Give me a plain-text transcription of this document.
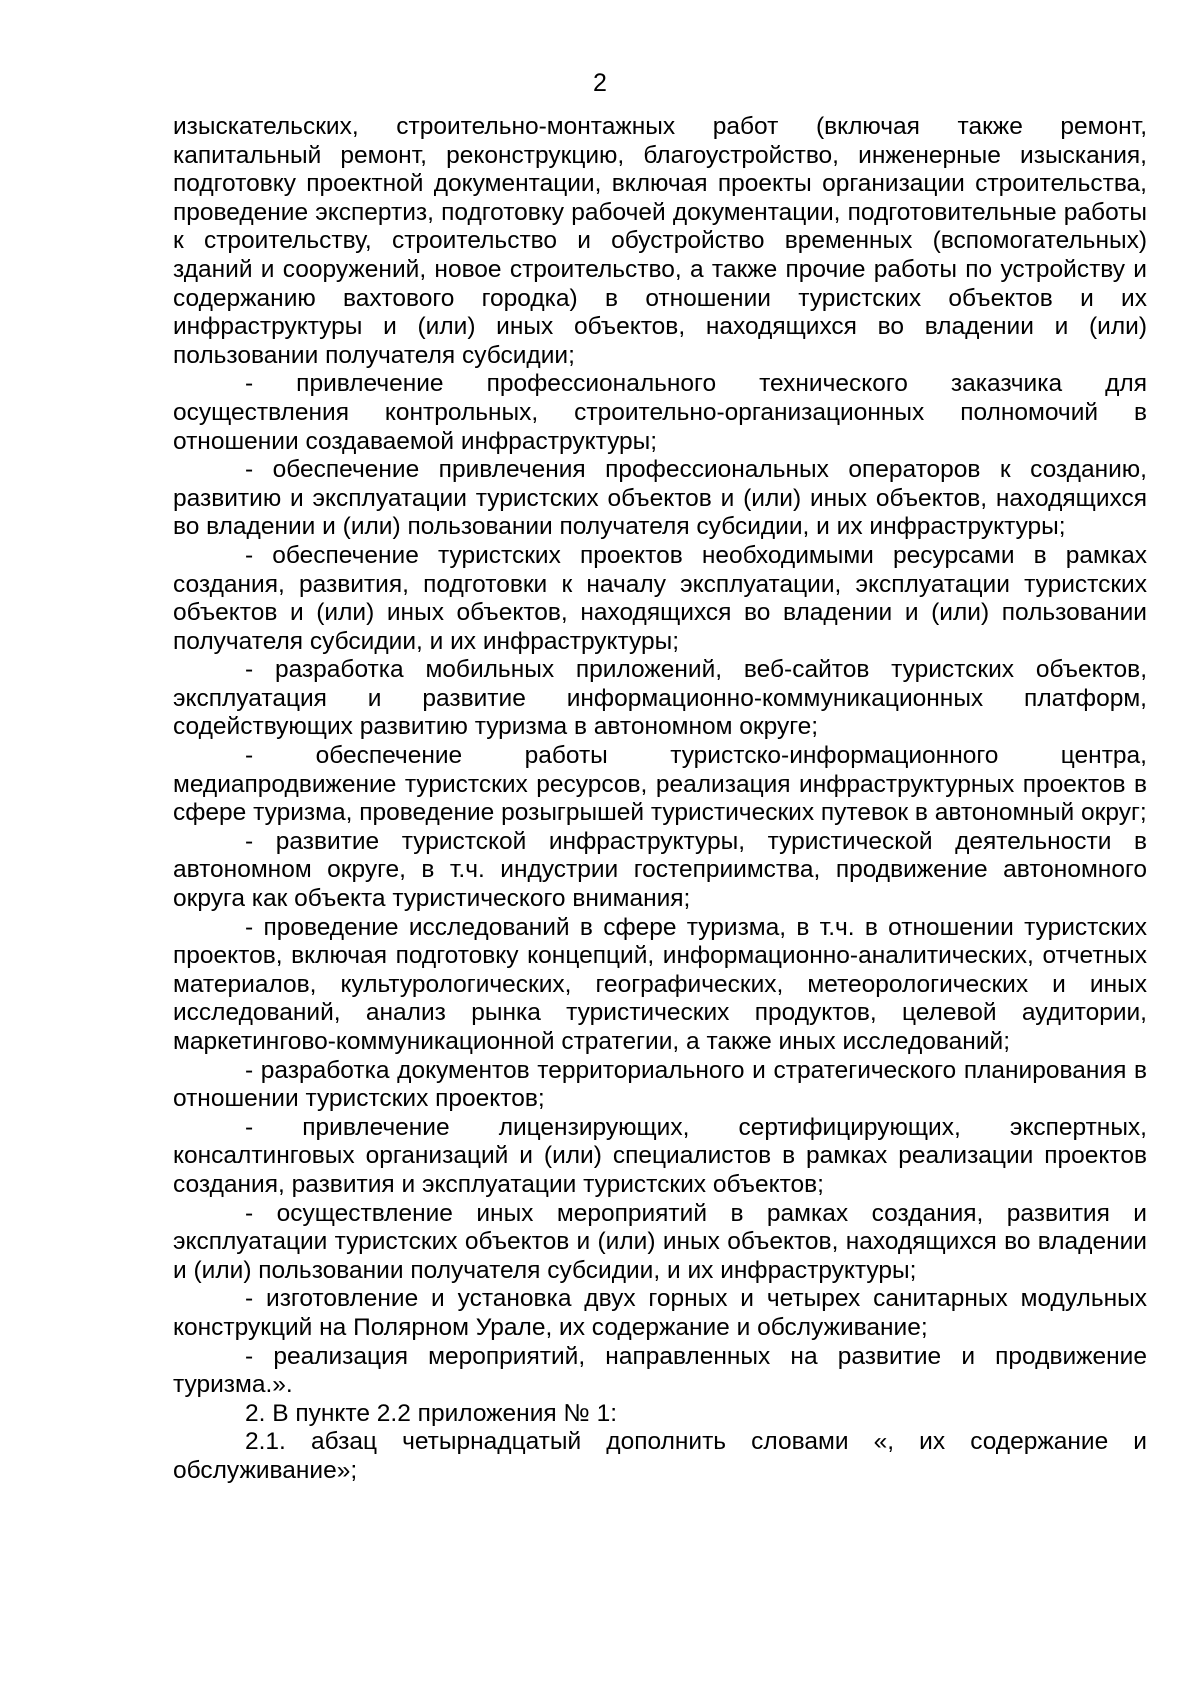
2

изыскательских, строительно-монтажных работ (включая также ремонт, капитальный ремонт, реконструкцию, благоустройство, инженерные изыскания, подготовку проектной документации, включая проекты организации строительства, проведение экспертиз, подготовку рабочей документации, подготовительные работы к строительству, строительство и обустройство временных (вспомогательных) зданий и сооружений, новое строительство, а также прочие работы по устройству и содержанию вахтового городка) в отношении туристских объектов и их инфраструктуры и (или) иных объектов, находящихся во владении и (или) пользовании получателя субсидии;

- привлечение профессионального технического заказчика для осуществления контрольных, строительно-организационных полномочий в отношении создаваемой инфраструктуры;

- обеспечение привлечения профессиональных операторов к созданию, развитию и эксплуатации туристских объектов и (или) иных объектов, находящихся во владении и (или) пользовании получателя субсидии, и их инфраструктуры;

- обеспечение туристских проектов необходимыми ресурсами в рамках создания, развития, подготовки к началу эксплуатации, эксплуатации туристских объектов и (или) иных объектов, находящихся во владении и (или) пользовании получателя субсидии, и их инфраструктуры;

- разработка мобильных приложений, веб-сайтов туристских объектов, эксплуатация и развитие информационно-коммуникационных платформ, содействующих развитию туризма в автономном округе;

- обеспечение работы туристско-информационного центра, медиапродвижение туристских ресурсов, реализация инфраструктурных проектов в сфере туризма, проведение розыгрышей туристических путевок в автономный округ;

- развитие туристской инфраструктуры, туристической деятельности в автономном округе, в т.ч. индустрии гостеприимства, продвижение автономного округа как объекта туристического внимания;

- проведение исследований в сфере туризма, в т.ч. в отношении туристских проектов, включая подготовку концепций, информационно-аналитических, отчетных материалов, культурологических, географических, метеорологических и иных исследований, анализ рынка туристических продуктов, целевой аудитории, маркетингово-коммуникационной стратегии, а также иных исследований;

- разработка документов территориального и стратегического планирования в отношении туристских проектов;

- привлечение лицензирующих, сертифицирующих, экспертных, консалтинговых организаций и (или) специалистов в рамках реализации проектов создания, развития и эксплуатации туристских объектов;

- осуществление иных мероприятий в рамках создания, развития и эксплуатации туристских объектов и (или) иных объектов, находящихся во владении и (или) пользовании получателя субсидии, и их инфраструктуры;

- изготовление и установка двух горных и четырех санитарных модульных конструкций на Полярном Урале, их содержание и обслуживание;

- реализация мероприятий, направленных на развитие и продвижение туризма.».

2. В пункте 2.2 приложения № 1:

2.1. абзац четырнадцатый дополнить словами «, их содержание и обслуживание»;
